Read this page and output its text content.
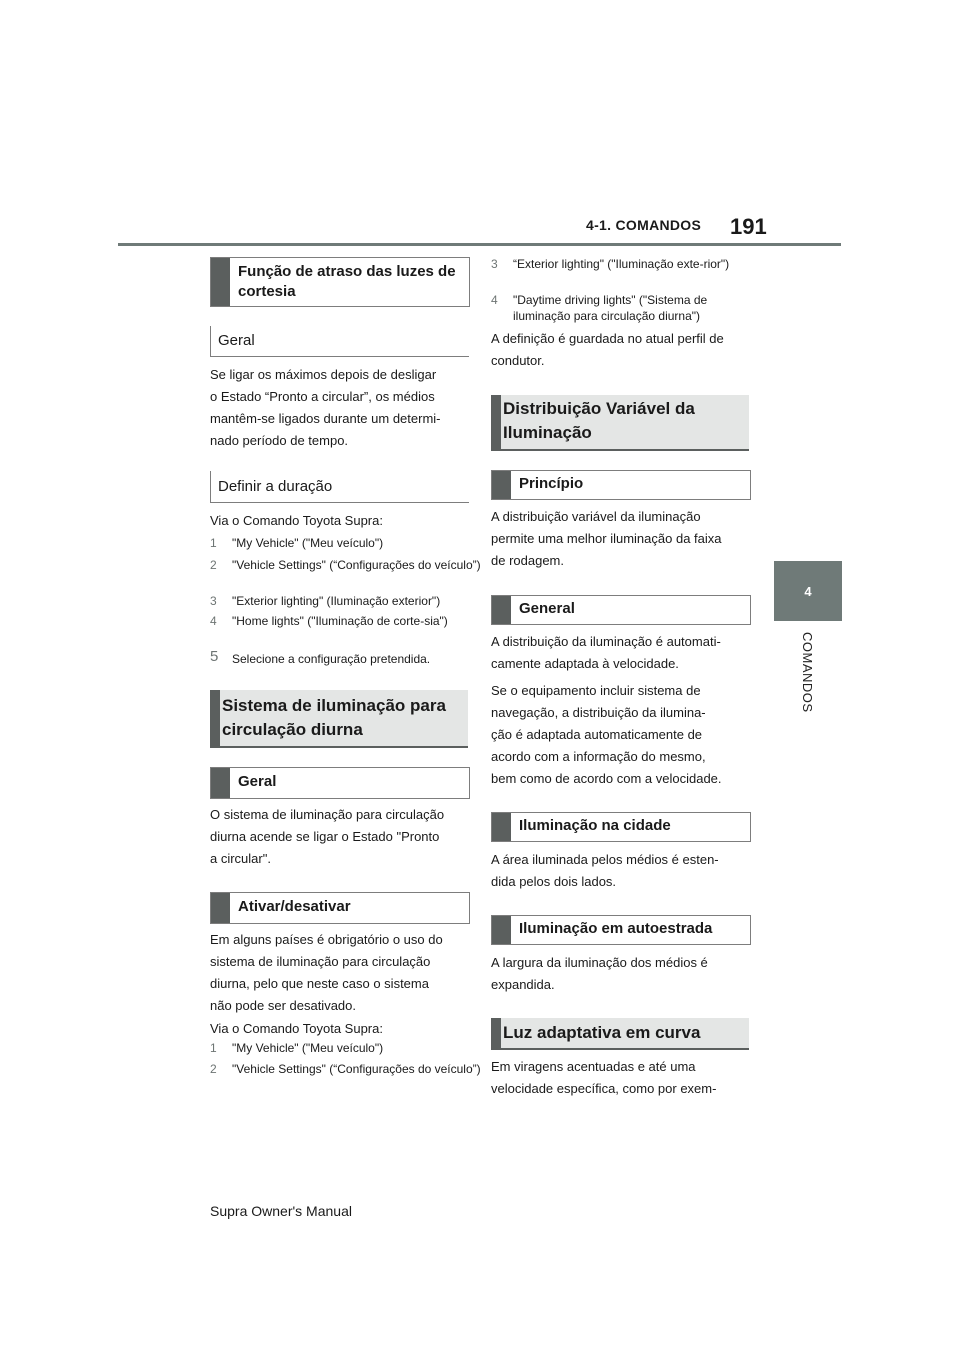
4-1. COMANDOS 191
4
COMANDOS
Função de atraso das luzes de cortesia
Geral
Se ligar os máximos depois de desligar
o Estado “Pronto a circular”, os médios
mantêm-se ligados durante um determi-
nado período de tempo.
Definir a duração
Via o Comando Toyota Supra:
1 "My Vehicle" ("Meu veículo")
2 "Vehicle Settings" (“Configurações do veículo”)
3 "Exterior lighting" (Iluminação exterior")
4 "Home lights" ("Iluminação de corte-sia")
5 Selecione a configuração pretendida.
Sistema de iluminação para circulação diurna
Geral
O sistema de iluminação para circulação
diurna acende se ligar o Estado "Pronto
a circular".
Ativar/desativar
Em alguns países é obrigatório o uso do
sistema de iluminação para circulação
diurna, pelo que neste caso o sistema
não pode ser desativado.
Via o Comando Toyota Supra:
1 "My Vehicle" ("Meu veículo")
2 "Vehicle Settings" (“Configurações do veículo”)
3 “Exterior lighting" ("Iluminação exte-rior")
4 "Daytime driving lights" ("Sistema de iluminação para circulação diurna")
A definição é guardada no atual perfil de
condutor.
Distribuição Variável da Iluminação
Princípio
A distribuição variável da iluminação
permite uma melhor iluminação da faixa
de rodagem.
General
A distribuição da iluminação é automati-
camente adaptada à velocidade.
Se o equipamento incluir sistema de
navegação, a distribuição da ilumina-
ção é adaptada automaticamente de
acordo com a informação do mesmo,
bem como de acordo com a velocidade.
Iluminação na cidade
A área iluminada pelos médios é esten-
dida pelos dois lados.
Iluminação em autoestrada
A largura da iluminação dos médios é
expandida.
Luz adaptativa em curva
Em viragens acentuadas e até uma
velocidade específica, como por exem-
Supra Owner's Manual
